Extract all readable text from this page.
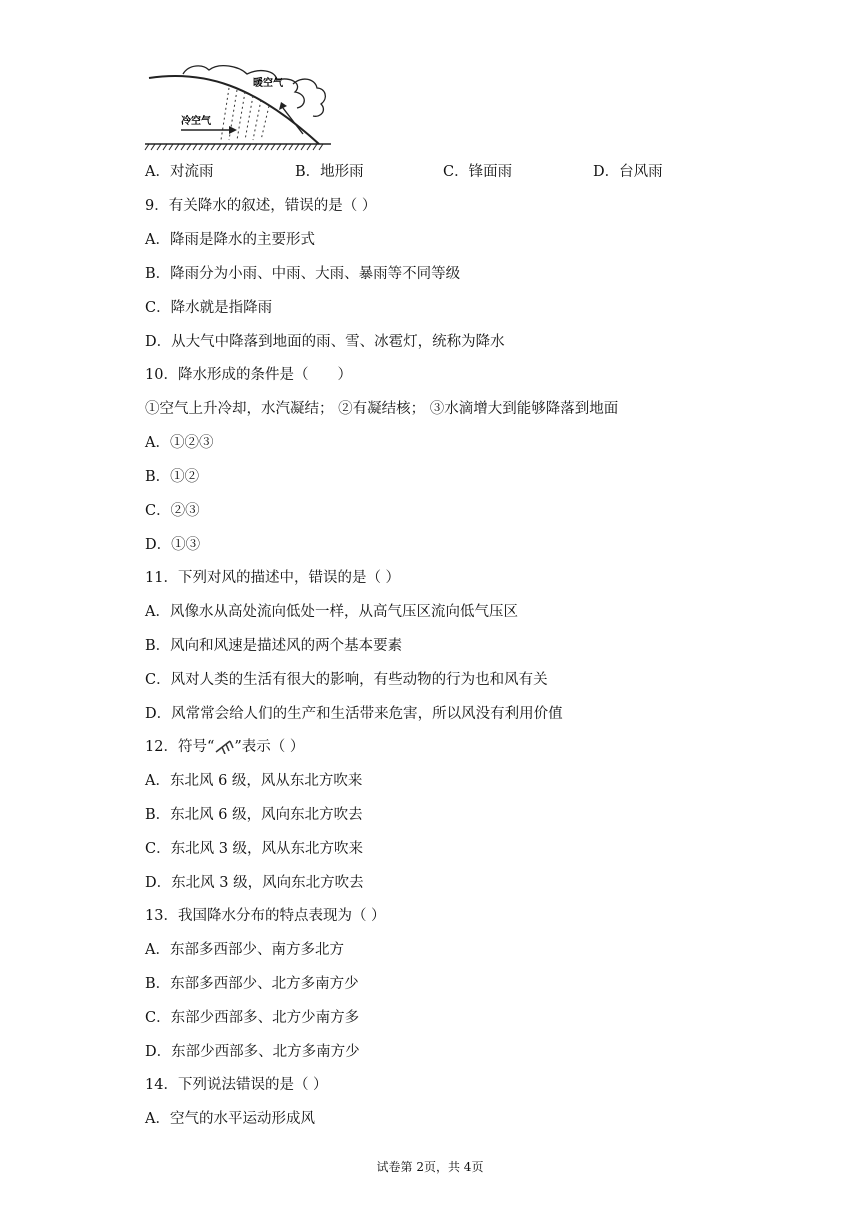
暖空气
冷空气
A．对流雨	B．地形雨	C．锋面雨	D．台风雨
9．有关降水的叙述，错误的是（ ）
A．降雨是降水的主要形式
B．降雨分为小雨、中雨、大雨、暴雨等不同等级
C．降水就是指降雨
D．从大气中降落到地面的雨、雪、冰雹灯，统称为降水
10．降水形成的条件是（　　）
①空气上升冷却，水汽凝结； ②有凝结核； ③水滴增大到能够降落到地面
A．①②③
B．①②
C．②③
D．①③
11．下列对风的描述中，错误的是（ ）
A．风像水从高处流向低处一样，从高气压区流向低气压区
B．风向和风速是描述风的两个基本要素
C．风对人类的生活有很大的影响，有些动物的行为也和风有关
D．风常常会给人们的生产和生活带来危害，所以风没有利用价值
12．符号“ ”表示（ ）
A．东北风 6 级，风从东北方吹来
B．东北风 6 级，风向东北方吹去
C．东北风 3 级，风从东北方吹来
D．东北风 3 级，风向东北方吹去
13．我国降水分布的特点表现为（ ）
A．东部多西部少、南方多北方
B．东部多西部少、北方多南方少
C．东部少西部多、北方少南方多
D．东部少西部多、北方多南方少
14．下列说法错误的是（ ）
A．空气的水平运动形成风
试卷第 2页，共 4页
